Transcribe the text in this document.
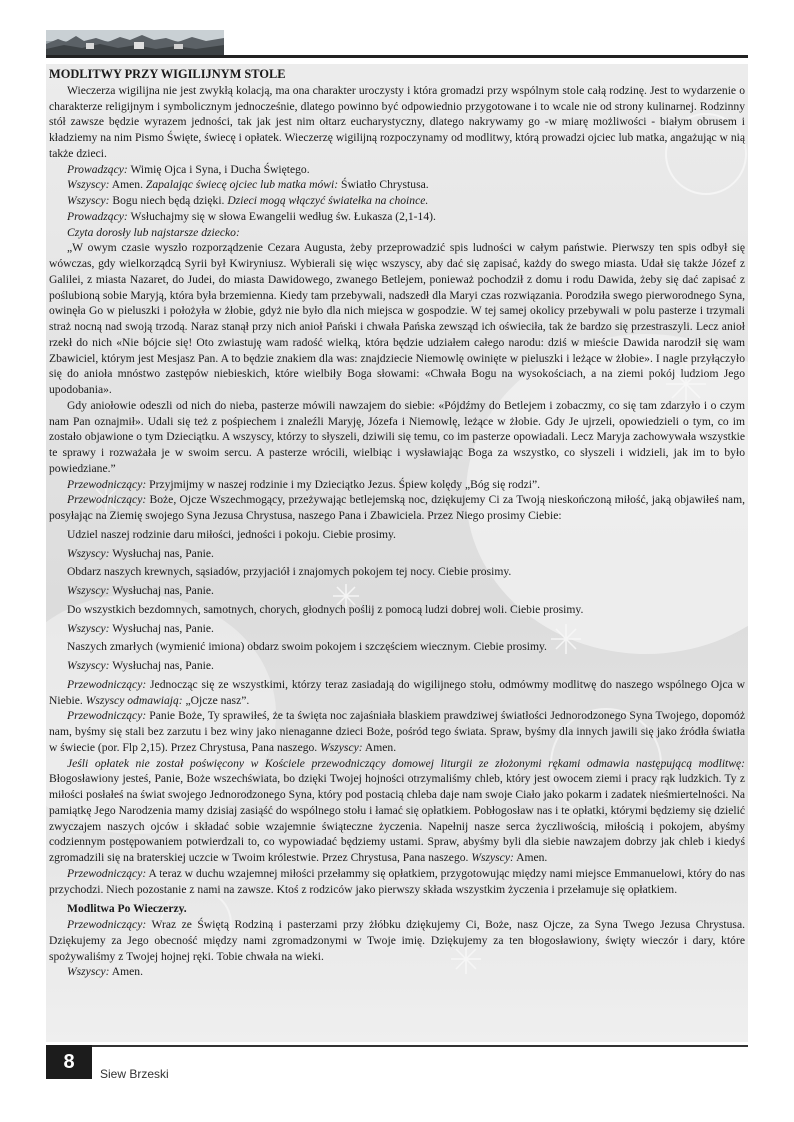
MODLITWY PRZY WIGILIJNYM STOLE

Wieczerza wigilijna nie jest zwykłą kolacją, ma ona charakter uroczysty i która gromadzi przy wspólnym stole całą rodzinę. Jest to wydarzenie o charakterze religijnym i symbolicznym jednocześnie, dlatego powinno być odpowiednio przygotowane i to wcale nie od strony kulinarnej. Rodzinny stół zawsze będzie wyrazem jedności, tak jak jest nim ołtarz eucharystyczny, dlatego nakrywamy go -w miarę możliwości - białym obrusem i kładziemy na nim Pismo Święte, świecę i opłatek. Wieczerzę wigilijną rozpoczynamy od modlitwy, którą prowadzi ojciec lub matka, angażując w nią także dzieci.

Prowadzący: Wimię Ojca i Syna, i Ducha Świętego.

Wszyscy: Amen. Zapalając świecę ojciec lub matka mówi: Światło Chrystusa.

Wszyscy: Bogu niech będą dzięki. Dzieci mogą włączyć światełka na choince.

Prowadzący: Wsłuchajmy się w słowa Ewangelii według św. Łukasza (2,1-14).

Czyta dorosły lub najstarsze dziecko:

„W owym czasie wyszło rozporządzenie Cezara Augusta, żeby przeprowadzić spis ludności w całym państwie. Pierwszy ten spis odbył się wówczas, gdy wielkorządcą Syrii był Kwiryniusz. Wybierali się więc wszyscy, aby dać się zapisać, każdy do swego miasta. Udał się także Józef z Galilei, z miasta Nazaret, do Judei, do miasta Dawidowego, zwanego Betlejem, ponieważ pochodził z domu i rodu Dawida, żeby się dać zapisać z poślubioną sobie Maryją, która była brzemienna. Kiedy tam przebywali, nadszedł dla Maryi czas rozwiązania. Porodziła swego pierworodnego Syna, owinęła Go w pieluszki i położyła w żłobie, gdyż nie było dla nich miejsca w gospodzie. W tej samej okolicy przebywali w polu pasterze i trzymali straż nocną nad swoją trzodą. Naraz stanął przy nich anioł Pański i chwała Pańska zewsząd ich oświeciła, tak że bardzo się przestraszyli. Lecz anioł rzekł do nich «Nie bójcie się! Oto zwiastuję wam radość wielką, która będzie udziałem całego narodu: dziś w mieście Dawida narodził się wam Zbawiciel, którym jest Mesjasz Pan. A to będzie znakiem dla was: znajdziecie Niemowlę owinięte w pieluszki i leżące w żłobie». I nagle przyłączyło się do anioła mnóstwo zastępów niebieskich, które wielbiły Boga słowami: «Chwała Bogu na wysokościach, a na ziemi pokój ludziom Jego upodobania».

Gdy aniołowie odeszli od nich do nieba, pasterze mówili nawzajem do siebie: «Pójdźmy do Betlejem i zobaczmy, co się tam zdarzyło i o czym nam Pan oznajmił». Udali się też z pośpiechem i znaleźli Maryję, Józefa i Niemowlę, leżące w żłobie. Gdy Je ujrzeli, opowiedzieli o tym, co im zostało objawione o tym Dzieciątku. A wszyscy, którzy to słyszeli, dziwili się temu, co im pasterze opowiadali. Lecz Maryja zachowywała wszystkie te sprawy i rozważała je w swoim sercu. A pasterze wrócili, wielbiąc i wysławiając Boga za wszystko, co słyszeli i widzieli, jak im to było powiedziane.”

Przewodniczący: Przyjmijmy w naszej rodzinie i my Dzieciątko Jezus. Śpiew kolędy „Bóg się rodzi”.

Przewodniczący: Boże, Ojcze Wszechmogący, przeżywając betlejemską noc, dziękujemy Ci za Twoją nieskończoną miłość, jaką objawiłeś nam, posyłając na Ziemię swojego Syna Jezusa Chrystusa, naszego Pana i Zbawiciela. Przez Niego prosimy Ciebie:

Udziel naszej rodzinie daru miłości, jedności i pokoju. Ciebie prosimy.

Wszyscy: Wysłuchaj nas, Panie.

Obdarz naszych krewnych, sąsiadów, przyjaciół i znajomych pokojem tej nocy. Ciebie prosimy.

Wszyscy: Wysłuchaj nas, Panie.

Do wszystkich bezdomnych, samotnych, chorych, głodnych poślij z pomocą ludzi dobrej woli. Ciebie prosimy.

Wszyscy: Wysłuchaj nas, Panie.

Naszych zmarłych (wymienić imiona) obdarz swoim pokojem i szczęściem wiecznym. Ciebie prosimy.

Wszyscy: Wysłuchaj nas, Panie.

Przewodniczący: Jednocząc się ze wszystkimi, którzy teraz zasiadają do wigilijnego stołu, odmówmy modlitwę do naszego wspólnego Ojca w Niebie. Wszyscy odmawiają: „Ojcze nasz”.

Przewodniczący: Panie Boże, Ty sprawiłeś, że ta święta noc zajaśniała blaskiem prawdziwej światłości Jednorodzonego Syna Twojego, dopomóż nam, byśmy się stali bez zarzutu i bez winy jako nienaganne dzieci Boże, pośród tego świata. Spraw, byśmy dla innych jawili się jako źródła światła w świecie (por. Flp 2,15). Przez Chrystusa, Pana naszego. Wszyscy: Amen.

Jeśli opłatek nie został poświęcony w Kościele przewodniczący domowej liturgii ze złożonymi rękami odmawia następującą modlitwę: Błogosławiony jesteś, Panie, Boże wszechświata, bo dzięki Twojej hojności otrzymaliśmy chleb, który jest owocem ziemi i pracy rąk ludzkich. Ty z miłości posłałeś na świat swojego Jednorodzonego Syna, który pod postacią chleba daje nam swoje Ciało jako pokarm i zadatek nieśmiertelności. Na pamiątkę Jego Narodzenia mamy dzisiaj zasiąść do wspólnego stołu i łamać się opłatkiem. Pobłogosław nas i te opłatki, którymi będziemy się dzielić zwyczajem naszych ojców i składać sobie wzajemnie świąteczne życzenia. Napełnij nasze serca życzliwością, miłością i pokojem, abyśmy codziennym postępowaniem potwierdzali to, co wypowiadać będziemy ustami. Spraw, abyśmy byli dla siebie nawzajem dobrzy jak chleb i kiedyś zgromadzili się na braterskiej uczcie w Twoim królestwie. Przez Chrystusa, Pana naszego. Wszyscy: Amen.

Przewodniczący: A teraz w duchu wzajemnej miłości przełammy się opłatkiem, przygotowując między nami miejsce Emmanuelowi, który do nas przychodzi. Niech pozostanie z nami na zawsze. Ktoś z rodziców jako pierwszy składa wszystkim życzenia i przełamuje się opłatkiem.

Modlitwa Po Wieczerzy.

Przewodniczący: Wraz ze Świętą Rodziną i pasterzami przy żłóbku dziękujemy Ci, Boże, nasz Ojcze, za Syna Twego Jezusa Chrystusa. Dziękujemy za Jego obecność między nami zgromadzonymi w Twoje imię. Dziękujemy za ten błogosławiony, święty wieczór i dary, które spożywaliśmy z Twojej hojnej ręki. Tobie chwała na wieki.

Wszyscy: Amen.

8
Siew Brzeski
